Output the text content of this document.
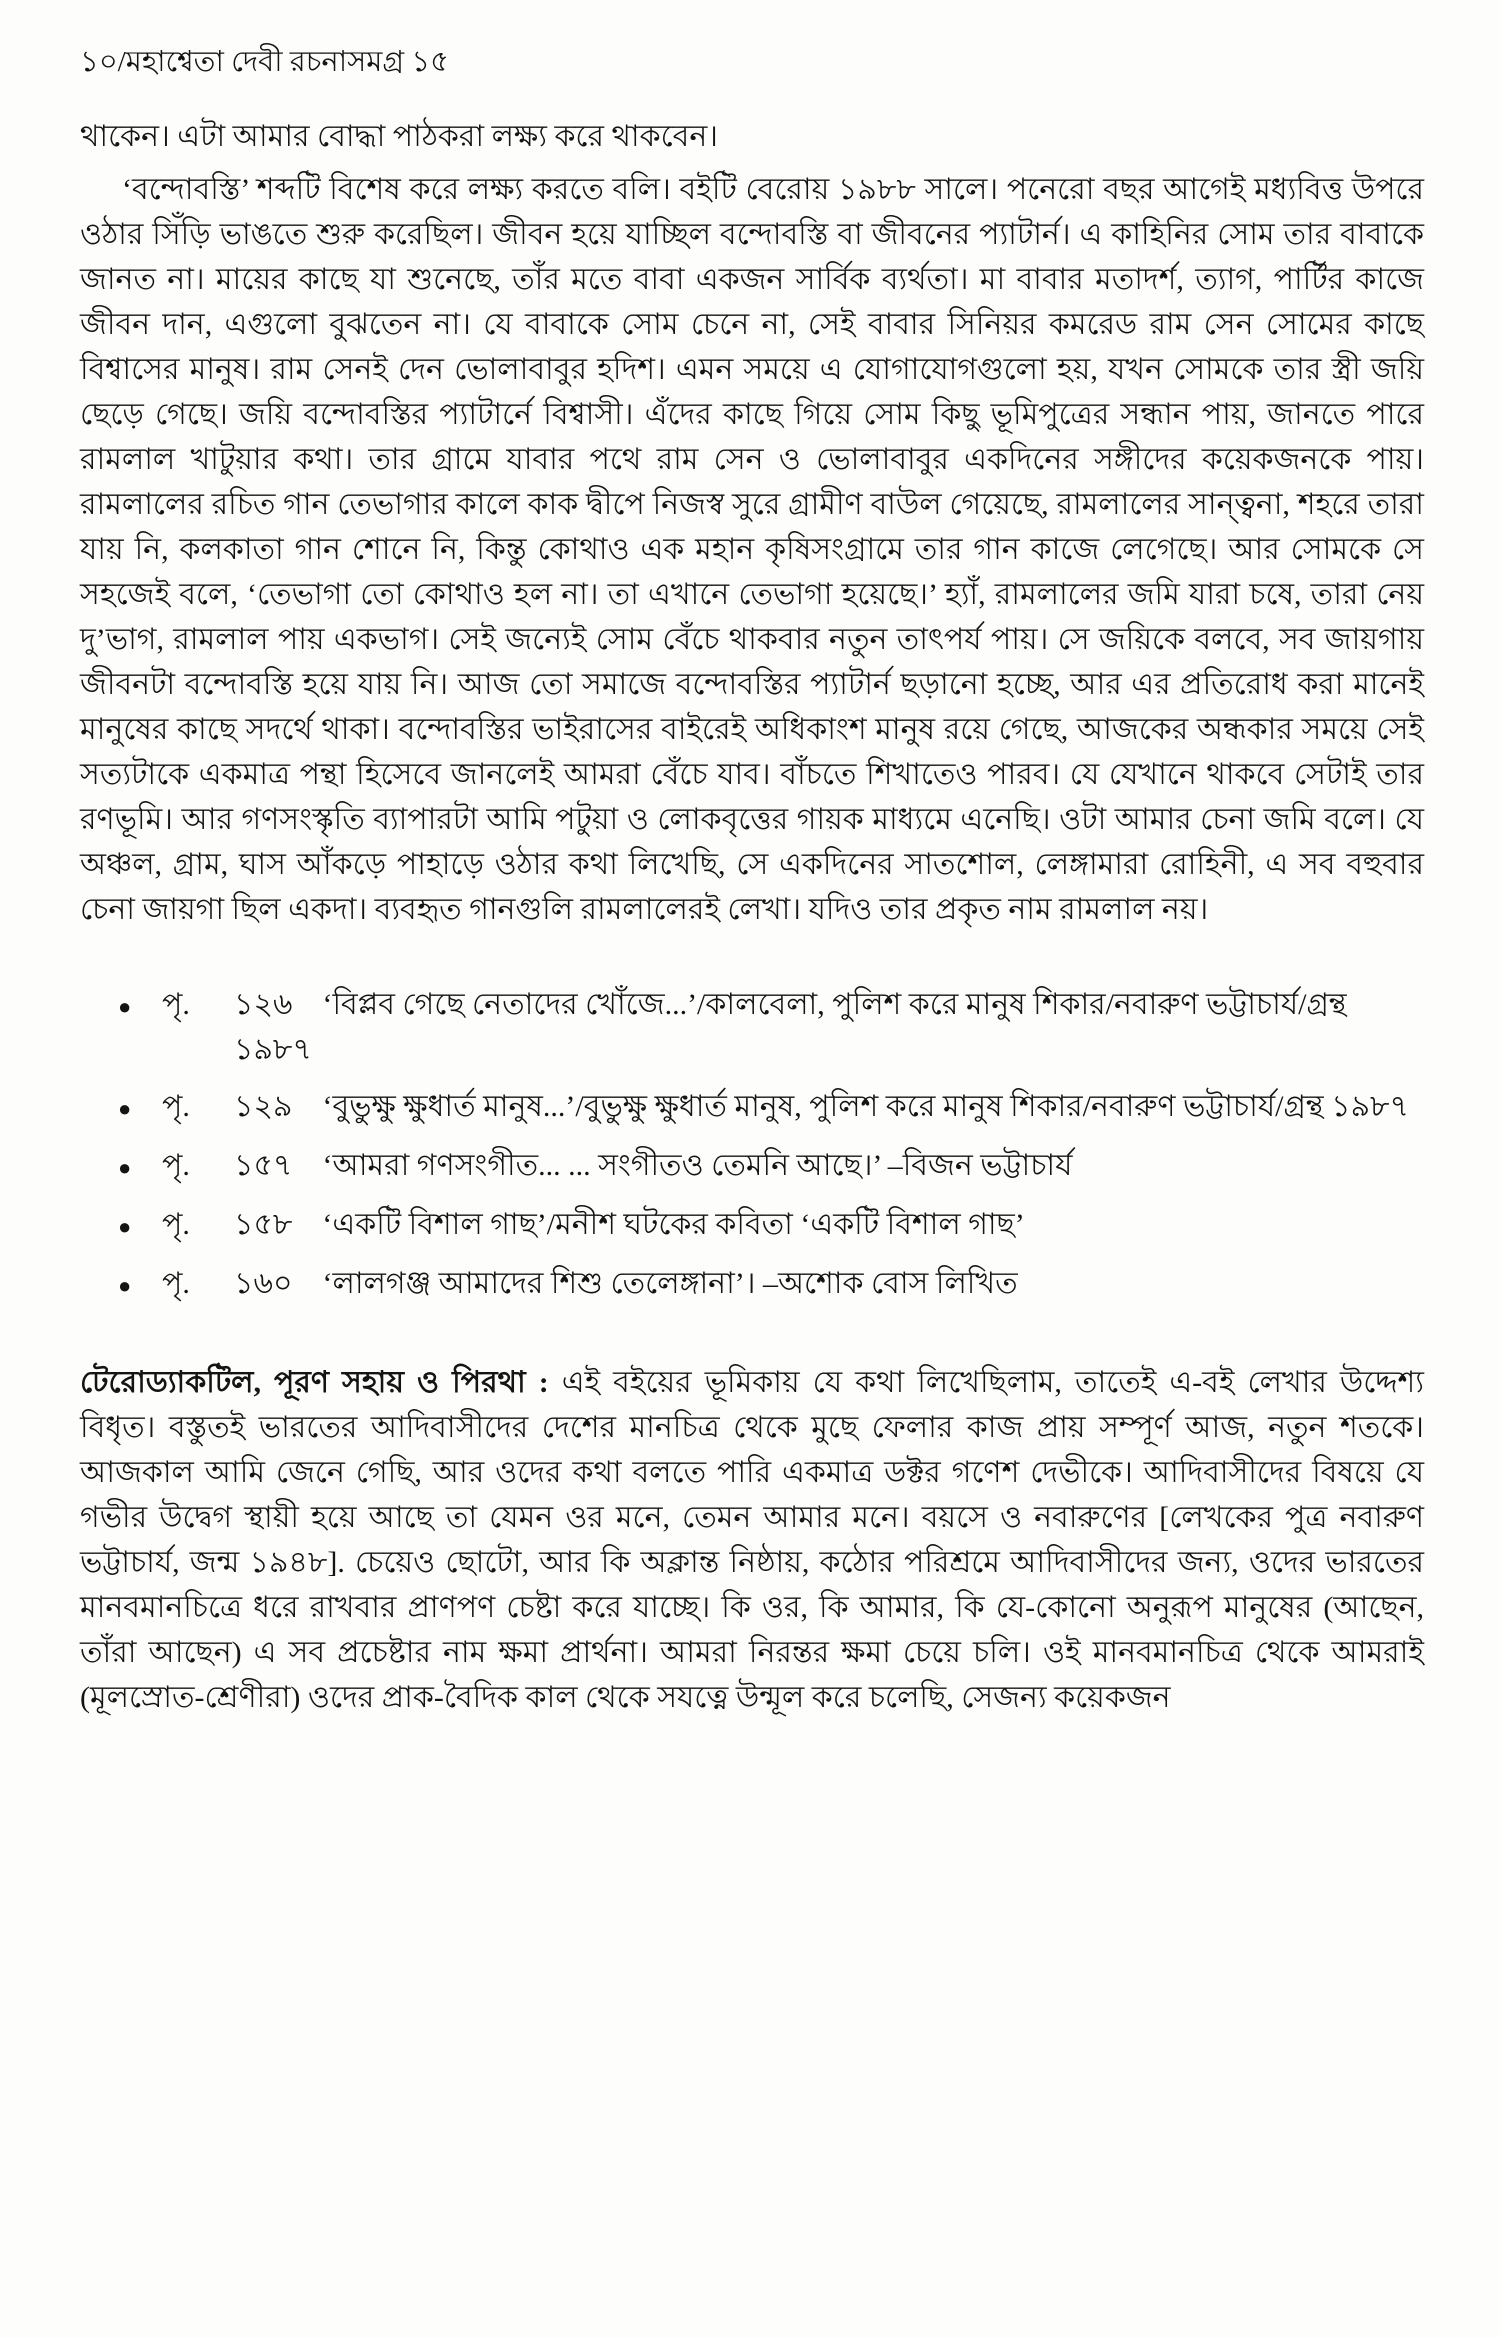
১০/মহাশ্বেতা দেবী রচনাসমগ্র ১৫

থাকেন। এটা আমার বোদ্ধা পাঠকরা লক্ষ্য করে থাকবেন।

‘বন্দোবস্তি’ শব্দটি বিশেষ করে লক্ষ্য করতে বলি। বইটি বেরোয় ১৯৮৮ সালে। পনেরো বছর আগেই মধ্যবিত্ত উপরে ওঠার সিঁড়ি ভাঙতে শুরু করেছিল। জীবন হয়ে যাচ্ছিল বন্দোবস্তি বা জীবনের প্যাটার্ন। এ কাহিনির সোম তার বাবাকে জানত না। মায়ের কাছে যা শুনেছে, তাঁর মতে বাবা একজন সার্বিক ব্যর্থতা। মা বাবার মতাদর্শ, ত্যাগ, পার্টির কাজে জীবন দান, এগুলো বুঝতেন না। যে বাবাকে সোম চেনে না, সেই বাবার সিনিয়র কমরেড রাম সেন সোমের কাছে বিশ্বাসের মানুষ। রাম সেনই দেন ভোলাবাবুর হদিশ। এমন সময়ে এ যোগাযোগগুলো হয়, যখন সোমকে তার স্ত্রী জয়ি ছেড়ে গেছে। জয়ি বন্দোবস্তির প্যাটার্নে বিশ্বাসী। এঁদের কাছে গিয়ে সোম কিছু ভূমিপুত্রের সন্ধান পায়, জানতে পারে রামলাল খাটুয়ার কথা। তার গ্রামে যাবার পথে রাম সেন ও ভোলাবাবুর একদিনের সঙ্গীদের কয়েকজনকে পায়। রামলালের রচিত গান তেভাগার কালে কাক দ্বীপে নিজস্ব সুরে গ্রামীণ বাউল গেয়েছে, রামলালের সান্ত্বনা, শহরে তারা যায় নি, কলকাতা গান শোনে নি, কিন্তু কোথাও এক মহান কৃষিসংগ্রামে তার গান কাজে লেগেছে। আর সোমকে সে সহজেই বলে, ‘তেভাগা তো কোথাও হল না। তা এখানে তেভাগা হয়েছে।’ হ্যাঁ, রামলালের জমি যারা চষে, তারা নেয় দু’ভাগ, রামলাল পায় একভাগ। সেই জন্যেই সোম বেঁচে থাকবার নতুন তাৎপর্য পায়। সে জয়িকে বলবে, সব জায়গায় জীবনটা বন্দোবস্তি হয়ে যায় নি। আজ তো সমাজে বন্দোবস্তির প্যাটার্ন ছড়ানো হচ্ছে, আর এর প্রতিরোধ করা মানেই মানুষের কাছে সদর্থে থাকা। বন্দোবস্তির ভাইরাসের বাইরেই অধিকাংশ মানুষ রয়ে গেছে, আজকের অন্ধকার সময়ে সেই সত্যটাকে একমাত্র পন্থা হিসেবে জানলেই আমরা বেঁচে যাব। বাঁচতে শিখাতেও পারব। যে যেখানে থাকবে সেটাই তার রণভূমি। আর গণসংস্কৃতি ব্যাপারটা আমি পটুয়া ও লোকবৃত্তের গায়ক মাধ্যমে এনেছি। ওটা আমার চেনা জমি বলে। যে অঞ্চল, গ্রাম, ঘাস আঁকড়ে পাহাড়ে ওঠার কথা লিখেছি, সে একদিনের সাতশোল, লেঙ্গামারা রোহিনী, এ সব বহুবার চেনা জায়গা ছিল একদা। ব্যবহৃত গানগুলি রামলালেরই লেখা। যদিও তার প্রকৃত নাম রামলাল নয়।

●	পৃ.	১২৬ ‘বিপ্লব গেছে নেতাদের খোঁজে...’/কালবেলা, পুলিশ করে মানুষ শিকার/নবারুণ ভট্টাচার্য/গ্রন্থ ১৯৮৭
●	পৃ.	১২৯ ‘বুভুক্ষু ক্ষুধার্ত মানুষ...’/বুভুক্ষু ক্ষুধার্ত মানুষ, পুলিশ করে মানুষ শিকার/নবারুণ ভট্টাচার্য/গ্রন্থ ১৯৮৭
●	পৃ.	১৫৭ ‘আমরা গণসংগীত... ... সংগীতও তেমনি আছে।’ –বিজন ভট্টাচার্য
●	পৃ.	১৫৮ ‘একটি বিশাল গাছ’/মনীশ ঘটকের কবিতা ‘একটি বিশাল গাছ’
●	পৃ.	১৬০ ‘লালগঞ্জ আমাদের শিশু তেলেঙ্গানা’। –অশোক বোস লিখিত

টেরোড্যাকটিল, পূরণ সহায় ও পিরথা : এই বইয়ের ভূমিকায় যে কথা লিখেছিলাম, তাতেই এ-বই লেখার উদ্দেশ্য বিধৃত। বস্তুতই ভারতের আদিবাসীদের দেশের মানচিত্র থেকে মুছে ফেলার কাজ প্রায় সম্পূর্ণ আজ, নতুন শতকে। আজকাল আমি জেনে গেছি, আর ওদের কথা বলতে পারি একমাত্র ডক্টর গণেশ দেভীকে। আদিবাসীদের বিষয়ে যে গভীর উদ্বেগ স্থায়ী হয়ে আছে তা যেমন ওর মনে, তেমন আমার মনে। বয়সে ও নবারুণের [লেখকের পুত্র নবারুণ ভট্টাচার্য, জন্ম ১৯৪৮]. চেয়েও ছোটো, আর কি অক্লান্ত নিষ্ঠায়, কঠোর পরিশ্রমে আদিবাসীদের জন্য, ওদের ভারতের মানবমানচিত্রে ধরে রাখবার প্রাণপণ চেষ্টা করে যাচ্ছে। কি ওর, কি আমার, কি যে-কোনো অনুরূপ মানুষের (আছেন, তাঁরা আছেন) এ সব প্রচেষ্টার নাম ক্ষমা প্রার্থনা। আমরা নিরন্তর ক্ষমা চেয়ে চলি। ওই মানবমানচিত্র থেকে আমরাই (মূলস্রোত-শ্রেণীরা) ওদের প্রাক-বৈদিক কাল থেকে সযত্নে উন্মূল করে চলেছি, সেজন্য কয়েকজন
